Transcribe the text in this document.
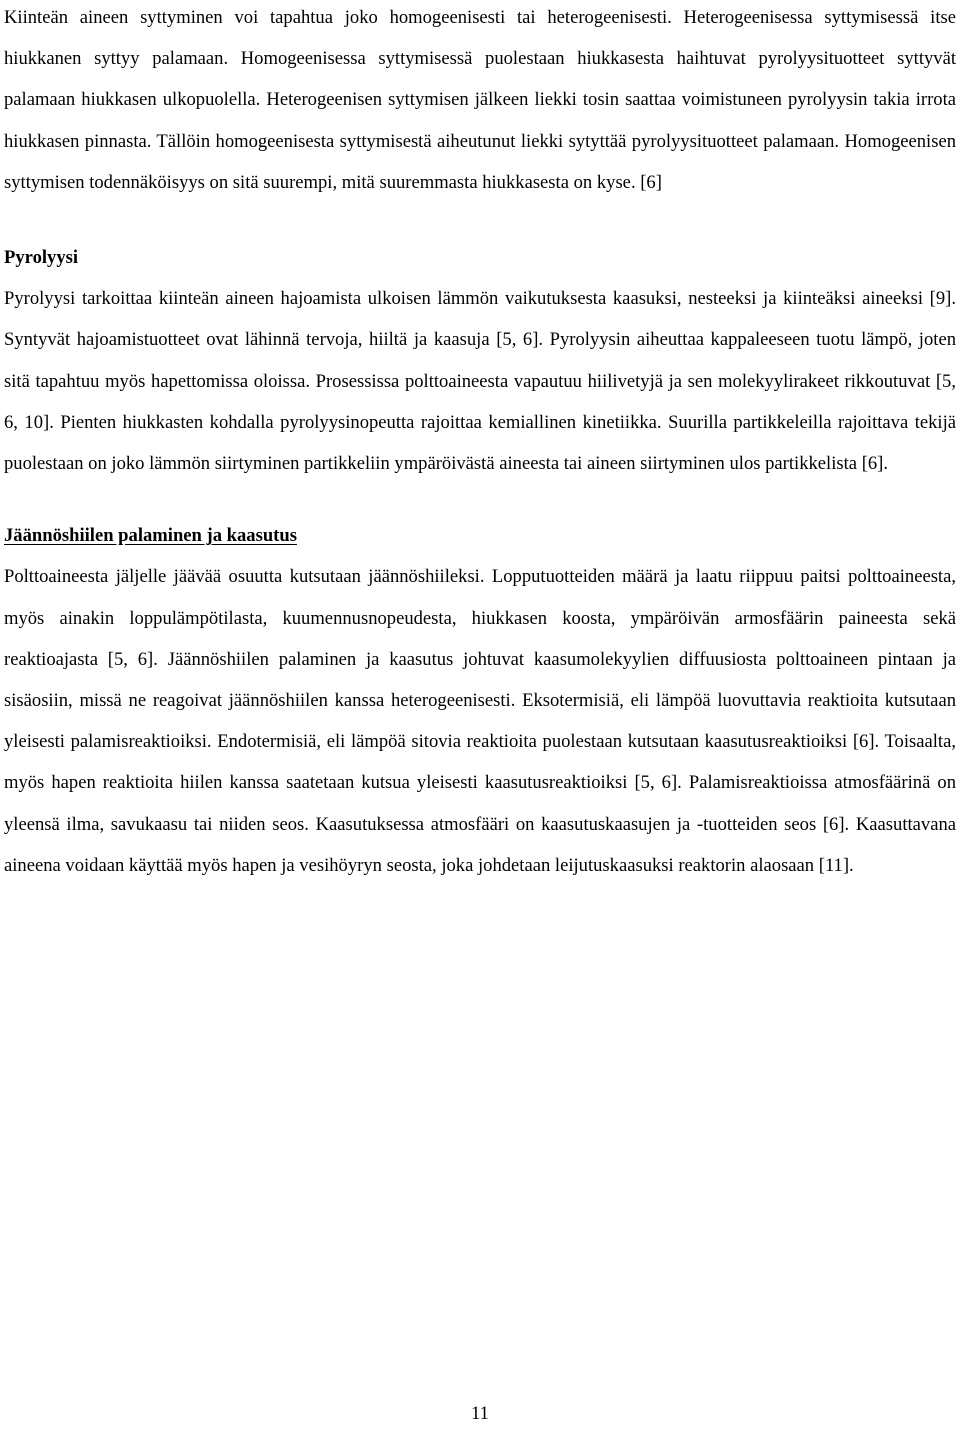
Kiinteän aineen syttyminen voi tapahtua joko homogeenisesti tai heterogeenisesti. Heterogeenisessa syttymisessä itse hiukkanen syttyy palamaan. Homogeenisessa syttymisessä puolestaan hiukkasesta haihtuvat pyrolyysituotteet syttyvät palamaan hiukkasen ulkopuolella. Heterogeenisen syttymisen jälkeen liekki tosin saattaa voimistuneen pyrolyysin takia irrota hiukkasen pinnasta. Tällöin homogeenisesta syttymisestä aiheutunut liekki sytyttää pyrolyysituotteet palamaan. Homogeenisen syttymisen todennäköisyys on sitä suurempi, mitä suuremmasta hiukkasesta on kyse. [6]

Pyrolyysi

Pyrolyysi tarkoittaa kiinteän aineen hajoamista ulkoisen lämmön vaikutuksesta kaasuksi, nesteeksi ja kiinteäksi aineeksi [9]. Syntyvät hajoamistuotteet ovat lähinnä tervoja, hiiltä ja kaasuja [5, 6]. Pyrolyysin aiheuttaa kappaleeseen tuotu lämpö, joten sitä tapahtuu myös hapettomissa oloissa. Prosessissa polttoaineesta vapautuu hiilivetyjä ja sen molekyylirakeet rikkoutuvat [5, 6, 10]. Pienten hiukkasten kohdalla pyrolyysinopeutta rajoittaa kemiallinen kinetiikka. Suurilla partikkeleilla rajoittava tekijä puolestaan on joko lämmön siirtyminen partikkeliin ympäröivästä aineesta tai aineen siirtyminen ulos partikkelista [6].

Jäännöshiilen palaminen ja kaasutus

Polttoaineesta jäljelle jäävää osuutta kutsutaan jäännöshiileksi. Lopputuotteiden määrä ja laatu riippuu paitsi polttoaineesta, myös ainakin loppulämpötilasta, kuumennusnopeudesta, hiukkasen koosta, ympäröivän armosfäärin paineesta sekä reaktioajasta [5, 6]. Jäännöshiilen palaminen ja kaasutus johtuvat kaasumolekyylien diffuusiosta polttoaineen pintaan ja sisäosiin, missä ne reagoivat jäännöshiilen kanssa heterogeenisesti. Eksotermisiä, eli lämpöä luovuttavia reaktioita kutsutaan yleisesti palamisreaktioiksi. Endotermisiä, eli lämpöä sitovia reaktioita puolestaan kutsutaan kaasutusreaktioiksi [6]. Toisaalta, myös hapen reaktioita hiilen kanssa saatetaan kutsua yleisesti kaasutusreaktioiksi [5, 6]. Palamisreaktioissa atmosfäärinä on yleensä ilma, savukaasu tai niiden seos. Kaasutuksessa atmosfääri on kaasutuskaasujen ja -tuotteiden seos [6]. Kaasuttavana aineena voidaan käyttää myös hapen ja vesihöyryn seosta, joka johdetaan leijutuskaasuksi reaktorin alaosaan [11].

11
